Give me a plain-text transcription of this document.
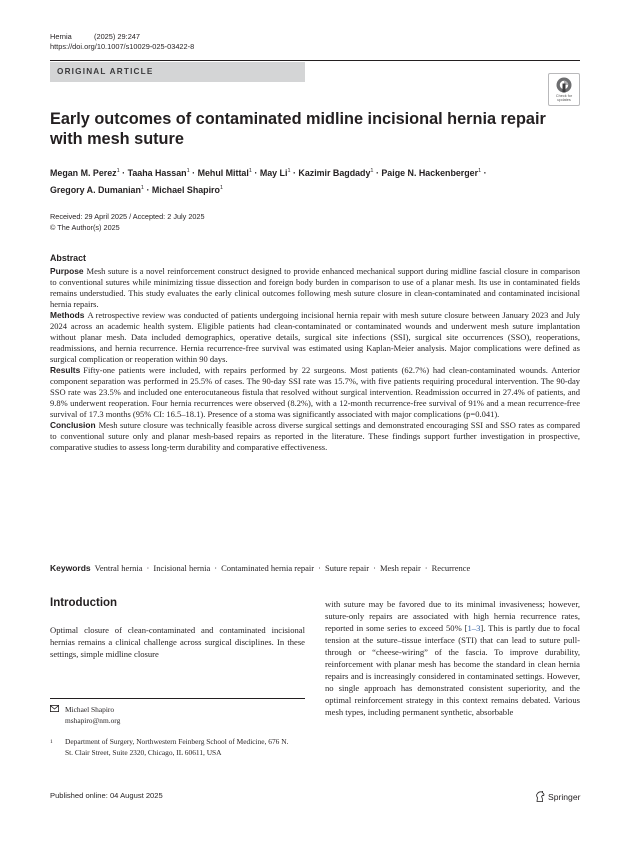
Hernia	(2025) 29:247
https://doi.org/10.1007/s10029-025-03422-8
ORIGINAL ARTICLE
Check for updates
Early outcomes of contaminated midline incisional hernia repair with mesh suture
Megan M. Perez$^1$ · Taaha Hassan$^1$ · Mehul Mittal$^1$ · May $Li^1$ · Kazimir Bagdady$^1$ · Paige N. Hackenberger$^1$ ·
Gregory A. Dumanian$^1$ · Michael Shapiro$^1$
Received: 29 April 2025 / Accepted: 2 July 2025
© The Author(s) 2025
Abstract

Purpose Mesh suture is a novel reinforcement construct designed to provide enhanced mechanical support during midline fascial closure in comparison to conventional sutures while minimizing tissue dissection and foreign body burden in comparison to use of a planar mesh. Its use in contaminated fields remains understudied. This study evaluates the early clinical outcomes following mesh suture closure in clean-contaminated and contaminated incisional hernia repairs.

Methods A retrospective review was conducted of patients undergoing incisional hernia repair with mesh suture closure between January 2023 and July 2024 across an academic health system. Eligible patients had clean-contaminated or contaminated wounds and underwent mesh suture implantation without planar mesh. Data included demographics, operative details, surgical site infections (SSI), surgical site occurrences (SSO), reoperations, readmissions, and hernia recurrence. Hernia recurrence-free survival was estimated using Kaplan-Meier analysis. Major complications were defined as surgical complication or reoperation within 90 days.

Results Fifty-one patients were included, with repairs performed by 22 surgeons. Most patients (62.7%) had clean-contaminated wounds. Anterior component separation was performed in 25.5% of cases. The 90-day SSI rate was 15.7%, with five patients requiring procedural intervention. The 90-day SSO rate was 23.5% and included one enterocutaneous fistula that resolved without surgical intervention. Readmission occurred in 27.4% of patients, and 9.8% underwent reoperation. Four hernia recurrences were observed (8.2%), with a 12-month recurrence-free survival of 91% and a mean recurrence-free survival of 17.3 months (95% CI: 16.5–18.1). Presence of a stoma was significantly associated with major complications (p=0.041).

Conclusion Mesh suture closure was technically feasible across diverse surgical settings and demonstrated encouraging SSI and SSO rates as compared to conventional suture only and planar mesh-based repairs as reported in the literature. These findings support further investigation in prospective, comparative studies to assess long-term durability and comparative effectiveness.

Keywords Ventral hernia · Incisional hernia · Contaminated hernia repair · Suture repair · Mesh repair · Recurrence
Introduction

Optimal closure of clean-contaminated and contaminated incisional hernias remains a clinical challenge across surgical disciplines. In these settings, simple midline closure

with suture may be favored due to its minimal invasiveness; however, suture-only repairs are associated with high hernia recurrence rates, reported in some series to exceed 50% [1–3]. This is partly due to focal tension at the suture–tissue interface (STI) that can lead to suture pull-through or “cheese-wiring” of the fascia. To improve durability, reinforcement with planar mesh has become the standard in clean hernia repairs and is increasingly considered in contaminated settings. However, no single approach has demonstrated consistent superiority, and the optimal reinforcement strategy in this context remains debated. Various mesh types, including permanent synthetic, absorbable

Michael Shapiro
mshapiro@nm.org
1 Department of Surgery, Northwestern Feinberg School of Medicine, 676 N. St. Clair Street, Suite 2320, Chicago, IL 60611, USA
Published online: 04 August 2025	Springer
